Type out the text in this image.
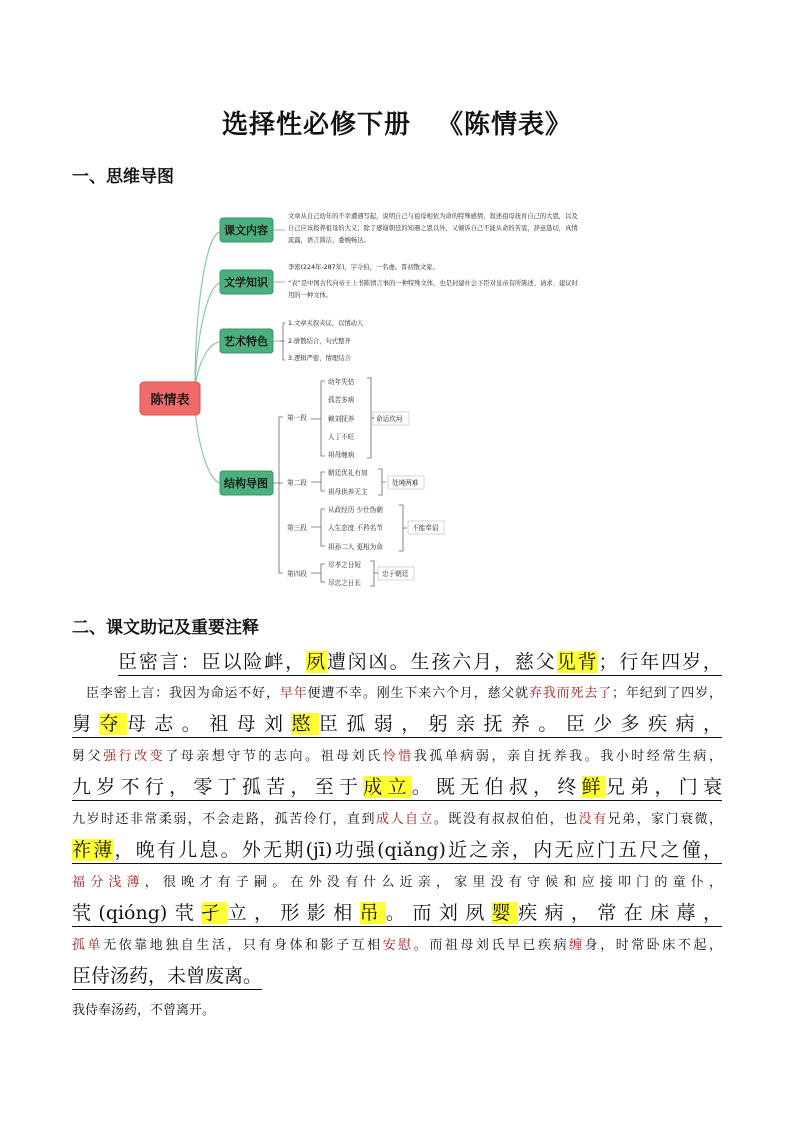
选择性必修下册 《陈情表》
一、思维导图
陈情表
课文内容
文学知识
艺术特色
结构导图
文章从自己幼年的不幸遭遇写起，说明自己与祖母相依为命的特殊感情，叙述祖母抚育自己的大恩，以及
自己应该报养祖母的大义；除了感谢朝廷的知遇之恩以外，又倾诉自己不能从命的苦衷，辞意恳切，真情
流露，语言简洁，委婉畅达。
李密(224年-287年)，字令伯，一名虔。晋初散文家。
“表”是中国古代向帝王上书陈情言事的一种特殊文体，也是封建社会下臣对皇帝有所陈述、请求、建议时
用的一种文体。
1.文章夹叙夹议，以情动人
2.骈散结合，句式整齐
3.逻辑严密，情理结合
第一段
幼年失怙
孤苦多病
赖刘抚养
人丁不旺
祖母缠病
命运坎坷
第二段
朝廷优礼有加
祖母供养无主
处境两难
第三段
从政经历 少仕伪朝
人生态度 不矜名节
祖孙二人 更相为命
不能奉诏
第四段
尽孝之日短
尽忠之日长
忠于朝廷
二、课文助记及重要注释
臣密言：臣以险衅，夙遭闵凶。生孩六月，慈父见背；行年四岁，
臣李密上言：我因为命运不好，早年便遭不幸。刚生下来六个月，慈父就弃我而死去了；年纪到了四岁，
舅夺母志。祖母刘愍臣孤弱，躬亲抚养。臣少多疾病，
舅父强行改变了母亲想守节的志向。祖母刘氏怜惜我孤单病弱，亲自抚养我。我小时经常生病，
九岁不行，零丁孤苦，至于成立。既无伯叔，终鲜兄弟，门衰
九岁时还非常柔弱，不会走路，孤苦伶仃，直到成人自立。既没有叔叔伯伯，也没有兄弟，家门衰微，
祚薄，晚有儿息。外无期(jī)功强(qiǎng)近之亲，内无应门五尺之僮，
福分浅薄，很晚才有子嗣。在外没有什么近亲，家里没有守候和应接叩门的童仆，
茕(qióng)茕孑立，形影相吊。而刘夙婴疾病，常在床蓐，
孤单无依靠地独自生活，只有身体和影子互相安慰。而祖母刘氏早已疾病缠身，时常卧床不起，
臣侍汤药，未曾废离。
我侍奉汤药，不曾离开。
